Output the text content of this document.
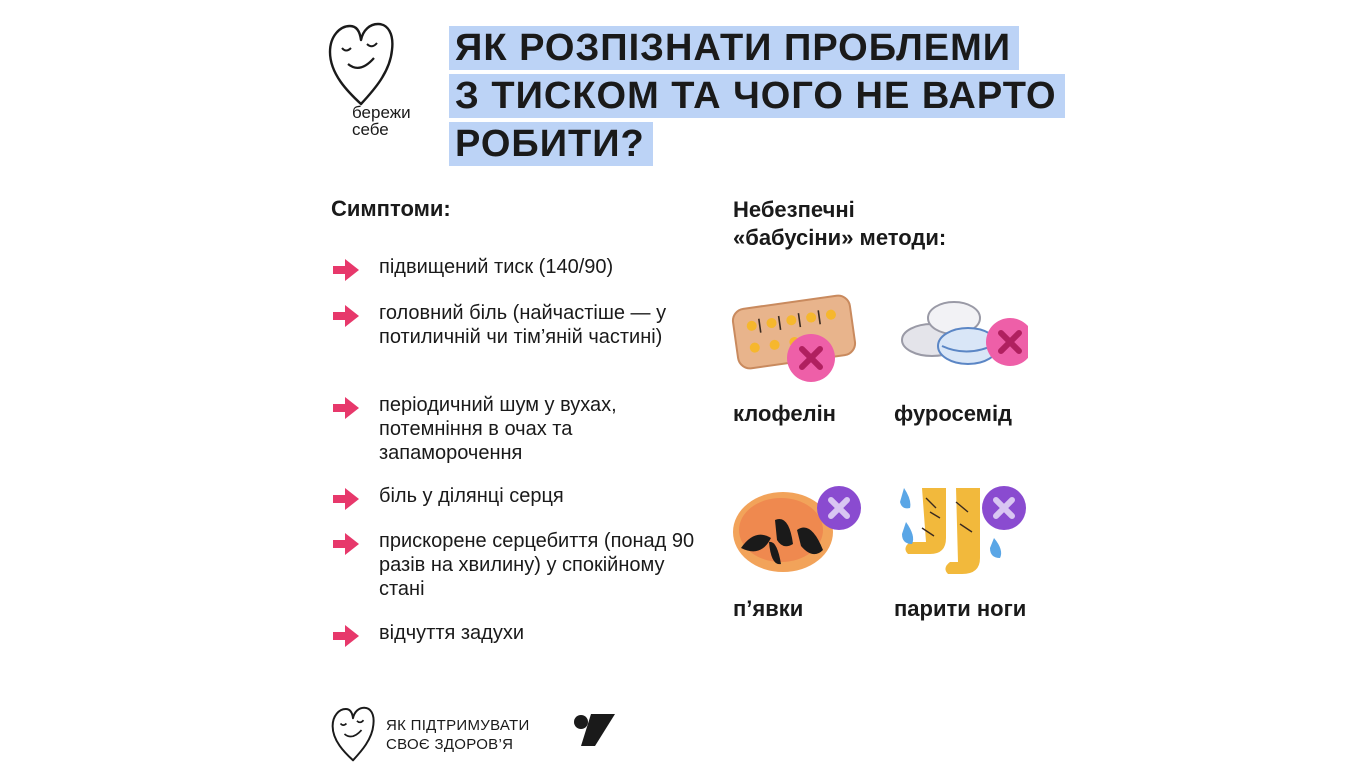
бережи
себе
ЯК РОЗПІЗНАТИ ПРОБЛЕМИ
З ТИСКОМ ТА ЧОГО НЕ ВАРТО
РОБИТИ?
Симптоми:
підвищений тиск (140/90)
головний біль (найчастіше — у потиличній чи тім’яній частині)
періодичний шум у вухах, потемніння в очах та запаморочення
біль у ділянці серця
прискорене серцебиття (понад 90 разів на хвилину) у спокійному стані
відчуття задухи
Небезпечні
«бабусіни» методи:
клофелін	фуросемід
п’явки	парити ноги
ЯК ПІДТРИМУВАТИ
СВОЄ ЗДОРОВ’Я
